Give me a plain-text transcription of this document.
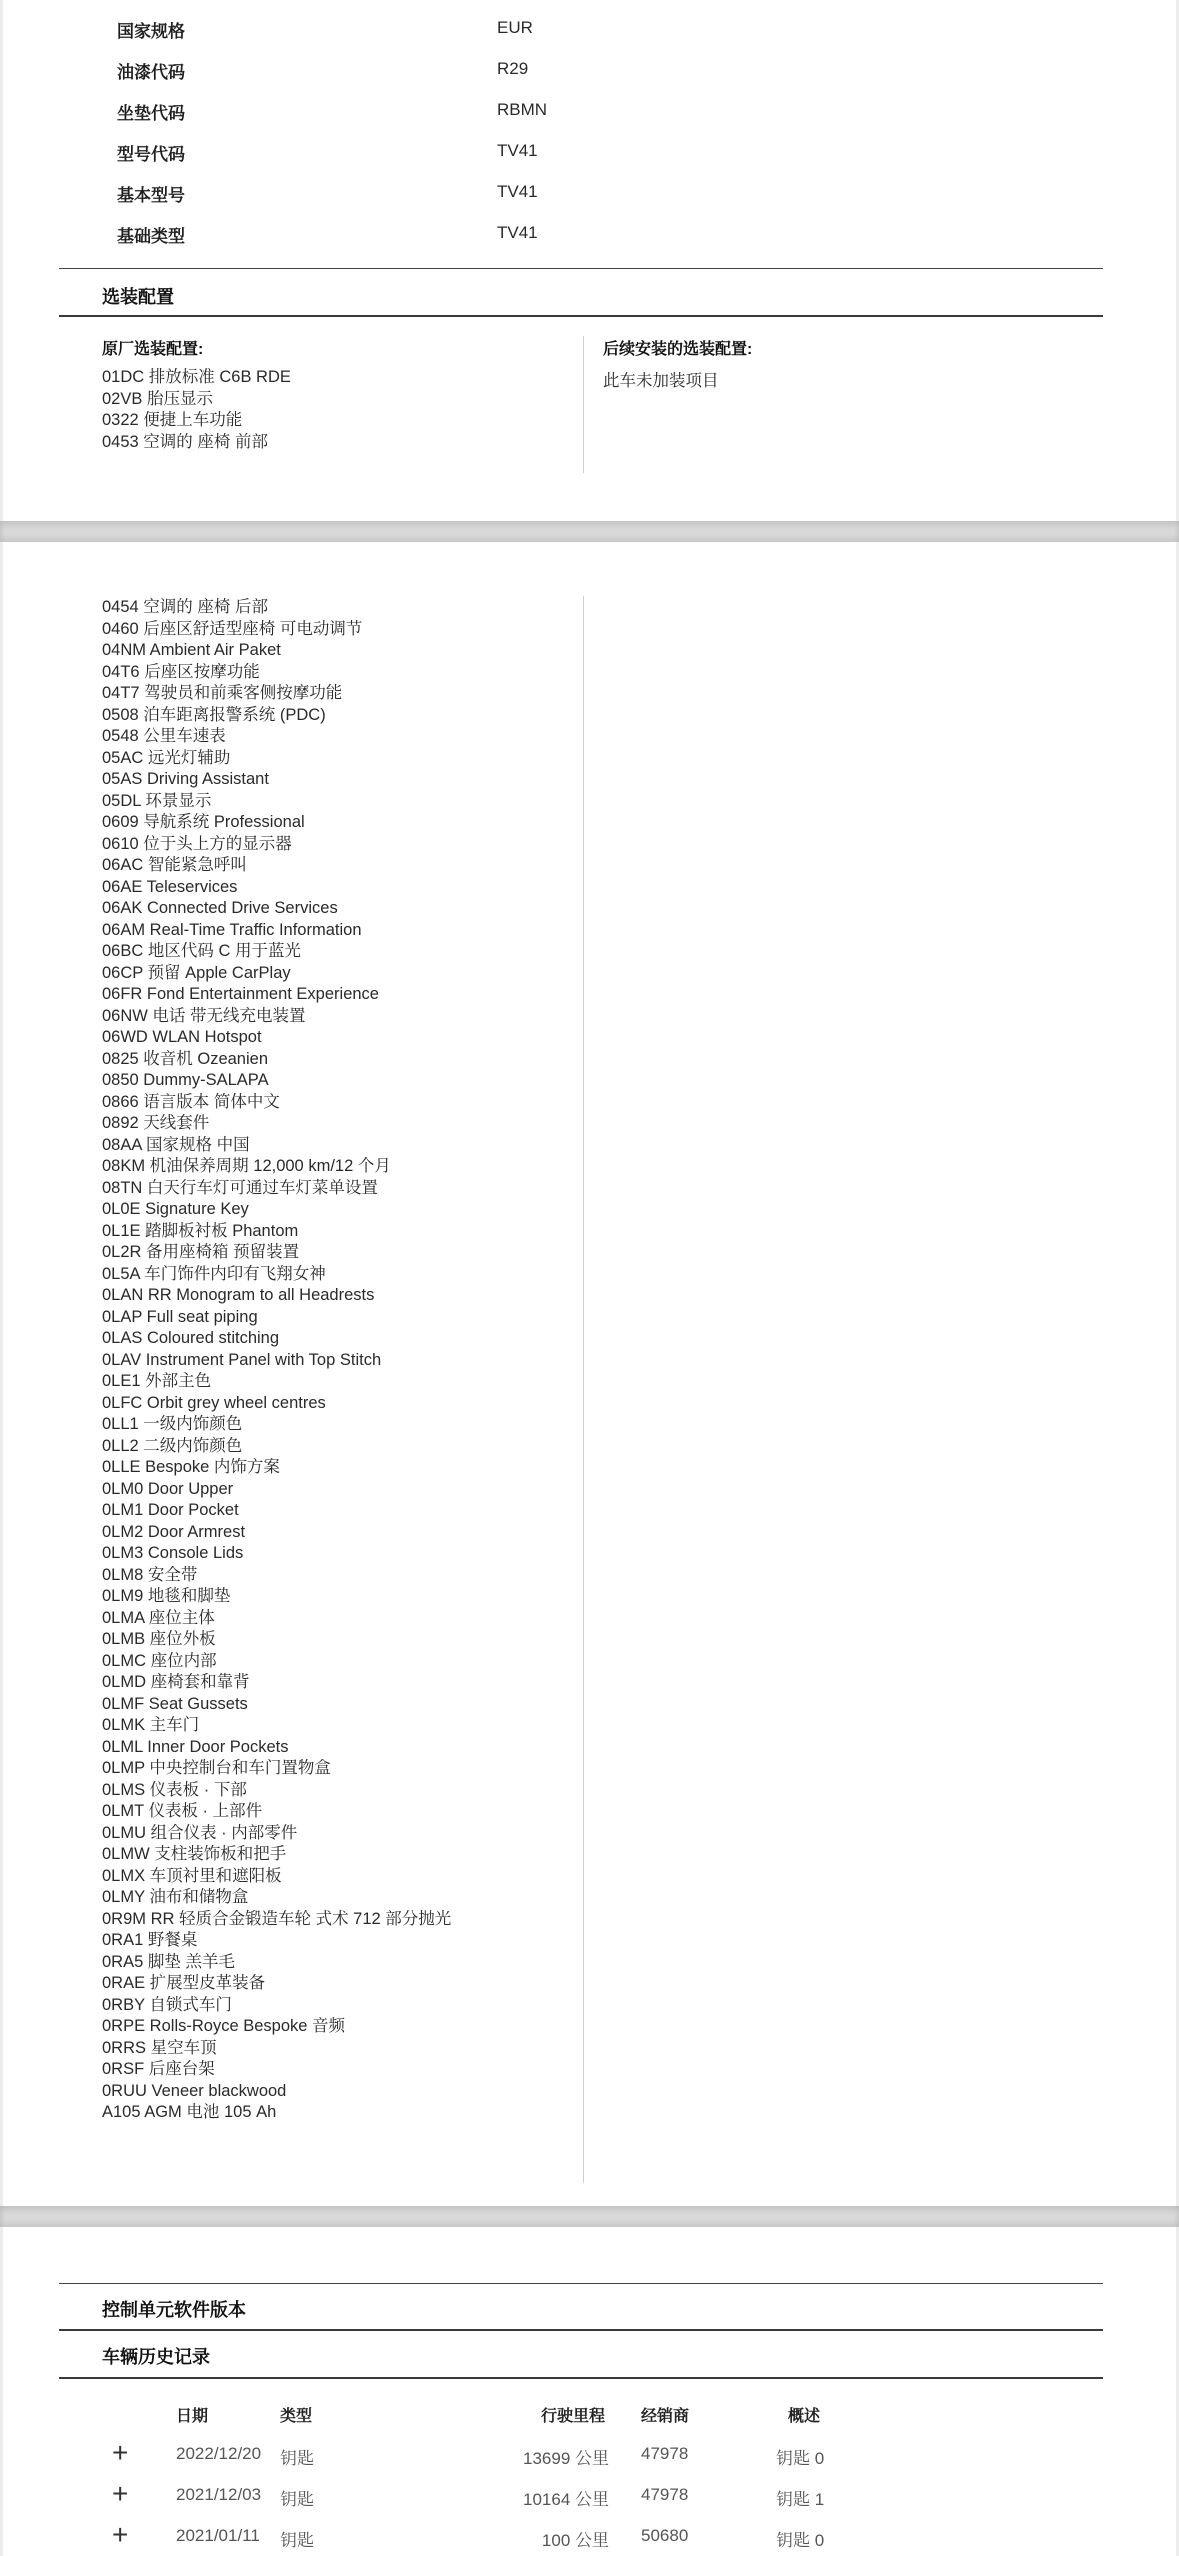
国家规格	EUR
油漆代码	R29
坐垫代码	RBMN
型号代码	TV41
基本型号	TV41
基础类型	TV41
选装配置
原厂选装配置:	后续安装的选装配置:
01DC 排放标准 C6B RDE
02VB 胎压显示
0322 便捷上车功能
0453 空调的 座椅 前部
此车未加装项目
0454 空调的 座椅 后部
0460 后座区舒适型座椅 可电动调节
04NM Ambient Air Paket
04T6 后座区按摩功能
04T7 驾驶员和前乘客侧按摩功能
0508 泊车距离报警系统 (PDC)
0548 公里车速表
05AC 远光灯辅助
05AS Driving Assistant
05DL 环景显示
0609 导航系统 Professional
0610 位于头上方的显示器
06AC 智能紧急呼叫
06AE Teleservices
06AK Connected Drive Services
06AM Real-Time Traffic Information
06BC 地区代码 C 用于蓝光
06CP 预留 Apple CarPlay
06FR Fond Entertainment Experience
06NW 电话 带无线充电装置
06WD WLAN Hotspot
0825 收音机 Ozeanien
0850 Dummy-SALAPA
0866 语言版本 简体中文
0892 天线套件
08AA 国家规格 中国
08KM 机油保养周期 12,000 km/12 个月
08TN 白天行车灯可通过车灯菜单设置
0L0E Signature Key
0L1E 踏脚板衬板 Phantom
0L2R 备用座椅箱 预留装置
0L5A 车门饰件内印有飞翔女神
0LAN RR Monogram to all Headrests
0LAP Full seat piping
0LAS Coloured stitching
0LAV Instrument Panel with Top Stitch
0LE1 外部主色
0LFC Orbit grey wheel centres
0LL1 一级内饰颜色
0LL2 二级内饰颜色
0LLE Bespoke 内饰方案
0LM0 Door Upper
0LM1 Door Pocket
0LM2 Door Armrest
0LM3 Console Lids
0LM8 安全带
0LM9 地毯和脚垫
0LMA 座位主体
0LMB 座位外板
0LMC 座位内部
0LMD 座椅套和靠背
0LMF Seat Gussets
0LMK 主车门
0LML Inner Door Pockets
0LMP 中央控制台和车门置物盒
0LMS 仪表板 · 下部
0LMT 仪表板 · 上部件
0LMU 组合仪表 · 内部零件
0LMW 支柱装饰板和把手
0LMX 车顶衬里和遮阳板
0LMY 油布和储物盒
0R9M RR 轻质合金锻造车轮 式术 712 部分抛光
0RA1 野餐桌
0RA5 脚垫 羔羊毛
0RAE 扩展型皮革装备
0RBY 自锁式车门
0RPE Rolls-Royce Bespoke 音频
0RRS 星空车顶
0RSF 后座台架
0RUU Veneer blackwood
A105 AGM 电池 105 Ah
控制单元软件版本
车辆历史记录
日期	类型	行驶里程 经销商	概述
+	2022/12/20 钥匙	13699 公里 47978	钥匙 0
+	2021/12/03 钥匙	10164 公里 47978	钥匙 1
+	2021/01/11 钥匙	100 公里 50680	钥匙 0
